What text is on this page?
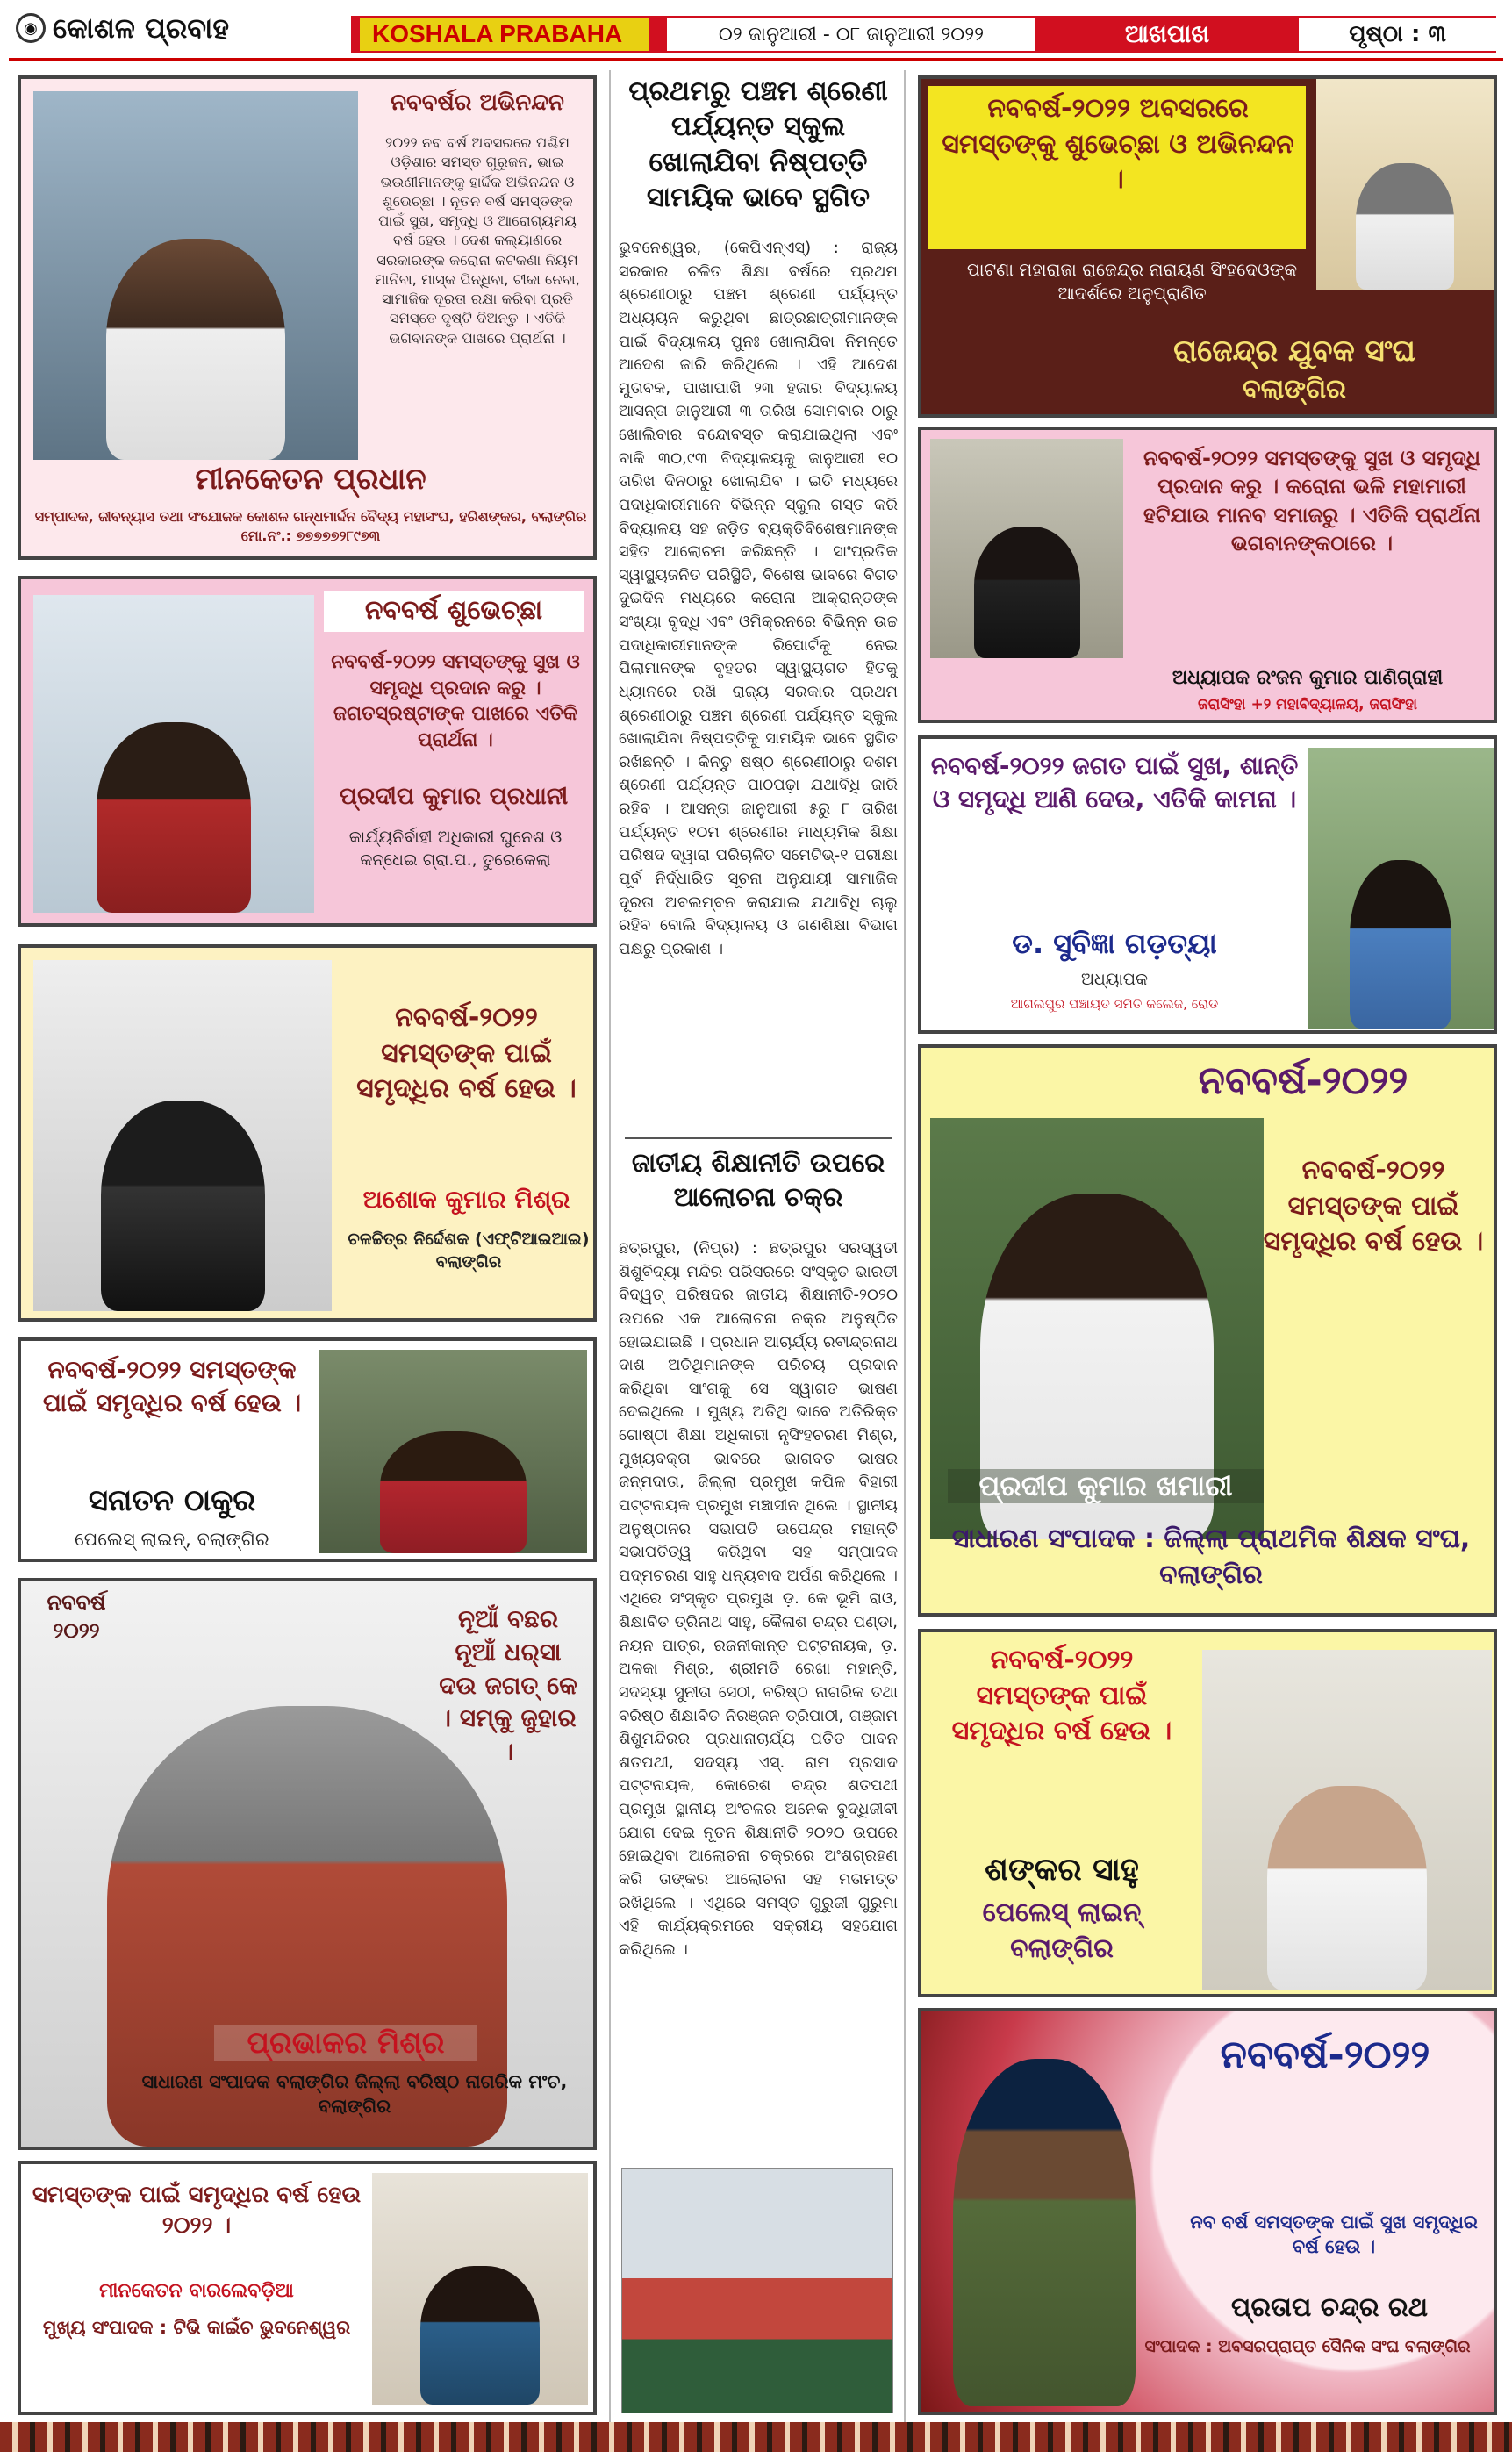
◉ କୋଶଳ ପ୍ରବାହ	KOSHALA PRABAHA	୦୨ ଜାନୁଆରୀ - ୦୮ ଜାନୁଆରୀ ୨୦୨୨	ଆଖପାଖ	ପୃଷ୍ଠା : ୩
ନବବର୍ଷର ଅଭିନନ୍ଦନ
୨୦୨୨ ନବ ବର୍ଷ ଅବସରରେ ପଶ୍ଚିମ ଓଡ଼ିଶାର ସମସ୍ତ ଗୁରୁଜନ, ଭାଇ ଭଉଣୀମାନଙ୍କୁ ହାର୍ଦ୍ଦିକ ଅଭିନନ୍ଦନ ଓ ଶୁଭେଚ୍ଛା । ନୂତନ ବର୍ଷ ସମସ୍ତଙ୍କ ପାଇଁ ସୁଖ, ସମୃଦ୍ଧି ଓ ଆରୋଗ୍ୟମୟ ବର୍ଷ ହେଉ । ଦେଶ କଲ୍ୟାଣରେ ସରକାରଙ୍କ କରୋନା କଟକଣା ନିୟମ ମାନିବା, ମାସ୍କ ପିନ୍ଧିବା, ଟୀକା ନେବା, ସାମାଜିକ ଦୂରତା ରକ୍ଷା କରିବା ପ୍ରତି ସମସ୍ତେ ଦୃଷ୍ଟି ଦିଅନ୍ତୁ । ଏତିକି ଭଗବାନଙ୍କ ପାଖରେ ପ୍ରାର୍ଥନା ।
ମୀନକେତନ ପ୍ରଧାନ
ସମ୍ପାଦକ, ଜୀବନ୍ୟାସ ତଥା ସଂଯୋଜକ କୋଶଳ ଗନ୍ଧମାର୍ଦ୍ଦନ ବୈଦ୍ୟ ମହାସଂଘ, ହରିଶଙ୍କର, ବଲାଙ୍ଗିର ମୋ.ନଂ.: ୭୭୭୭୭୨୮୯୭୩
ନବବର୍ଷ ଶୁଭେଚ୍ଛା
ନବବର୍ଷ-୨୦୨୨ ସମସ୍ତଙ୍କୁ ସୁଖ ଓ ସମୃଦ୍ଧି ପ୍ରଦାନ କରୁ । ଜଗତସ୍ରଷ୍ଟାଙ୍କ ପାଖରେ ଏତିକି ପ୍ରାର୍ଥନା ।
ପ୍ରଦୀପ କୁମାର ପ୍ରଧାନୀ
କାର୍ଯ୍ୟନିର୍ବାହୀ ଅଧିକାରୀ ଘୁନେଶ ଓ କନ୍ଧେଇ ଗ୍ରା.ପ., ତୁରେକେଲା
ନବବର୍ଷ-୨୦୨୨ ସମସ୍ତଙ୍କ ପାଇଁ ସମୃଦ୍ଧିର ବର୍ଷ ହେଉ ।
ଅଶୋକ କୁମାର ମିଶ୍ର
ଚଳଚ୍ଚିତ୍ର ନିର୍ଦ୍ଦେଶକ (ଏଫ୍‌ଟିଆଇଆଇ) ବଲାଙ୍ଗିର
ନବବର୍ଷ-୨୦୨୨ ସମସ୍ତଙ୍କ ପାଇଁ ସମୃଦ୍ଧିର ବର୍ଷ ହେଉ ।
ସନାତନ ଠାକୁର
ପେଲେସ୍ ଲାଇନ୍, ବଲାଙ୍ଗିର
ନବବର୍ଷ ୨୦୨୨	ନୂଆଁ ବଛର ନୂଆଁ ଧର୍‌ସା ଦଉ ଜଗତ୍ କେ । ସମ୍‌କୁ ଜୁହାର ।
ପ୍ରଭାକର ମିଶ୍ର
ସାଧାରଣ ସଂପାଦକ ବଲାଙ୍ଗିର ଜିଲ୍ଲା ବରିଷ୍ଠ ନାଗରିକ ମଂଚ, ବଲାଙ୍ଗିର
ସମସ୍ତଙ୍କ ପାଇଁ ସମୃଦ୍ଧିର ବର୍ଷ ହେଉ ୨୦୨୨ ।
ମୀନକେତନ ବାରଲେବଡ଼ିଆ
ମୁଖ୍ୟ ସଂପାଦକ : ଟିଭି କାଇଁଚ ଭୁବନେଶ୍ୱର
ପ୍ରଥମରୁ ପଞ୍ଚମ ଶ୍ରେଣୀ ପର୍ଯ୍ୟନ୍ତ ସ୍କୁଲ ଖୋଲାଯିବା ନିଷ୍ପତ୍ତି ସାମୟିକ ଭାବେ ସ୍ଥଗିତ
ଭୁବନେଶ୍ୱର, (କେପିଏନ୍‌ଏସ୍) : ରାଜ୍ୟ ସରକାର ଚଳିତ ଶିକ୍ଷା ବର୍ଷରେ ପ୍ରଥମ ଶ୍ରେଣୀଠାରୁ ପଞ୍ଚମ ଶ୍ରେଣୀ ପର୍ଯ୍ୟନ୍ତ ଅଧ୍ୟୟନ କରୁଥିବା ଛାତ୍ରଛାତ୍ରୀମାନଙ୍କ ପାଇଁ ବିଦ୍ୟାଳୟ ପୁନଃ ଖୋଲାଯିବା ନିମନ୍ତେ ଆଦେଶ ଜାରି କରିଥିଲେ । ଏହି ଆଦେଶ ମୁତାବକ, ପାଖାପାଖି ୨୩ ହଜାର ବିଦ୍ୟାଳୟ ଆସନ୍ତା ଜାନୁଆରୀ ୩ ତାରିଖ ସୋମବାର ଠାରୁ ଖୋଲିବାର ବନ୍ଦୋବସ୍ତ କରାଯାଇଥିଲା ଏବଂ ବାକି ୩୦,୯୩ ବିଦ୍ୟାଳୟକୁ ଜାନୁଆରୀ ୧୦ ତାରିଖ ଦିନଠାରୁ ଖୋଲାଯିବ । ଇତି ମଧ୍ୟରେ ପଦାଧିକାରୀମାନେ ବିଭିନ୍ନ ସ୍କୁଲ ଗସ୍ତ କରି ବିଦ୍ୟାଳୟ ସହ ଜଡ଼ିତ ବ୍ୟକ୍ତିବିଶେଷମାନଙ୍କ ସହିତ ଆଲୋଚନା କରିଛନ୍ତି । ସାଂପ୍ରତିକ ସ୍ୱାସ୍ଥ୍ୟଜନିତ ପରିସ୍ଥିତି, ବିଶେଷ ଭାବରେ ବିଗତ ଦୁଇଦିନ ମଧ୍ୟରେ କରୋନା ଆକ୍ରାନ୍ତଙ୍କ ସଂଖ୍ୟା ବୃଦ୍ଧି ଏବଂ ଓମିକ୍ରନରେ ବିଭିନ୍ନ ଉଚ୍ଚ ପଦାଧିକାରୀମାନଙ୍କ ରିପୋର୍ଟକୁ ନେଇ ପିଲାମାନଙ୍କ ବୃହତର ସ୍ୱାସ୍ଥ୍ୟଗତ ହିତକୁ ଧ୍ୟାନରେ ରଖି ରାଜ୍ୟ ସରକାର ପ୍ରଥମ ଶ୍ରେଣୀଠାରୁ ପଞ୍ଚମ ଶ୍ରେଣୀ ପର୍ଯ୍ୟନ୍ତ ସ୍କୁଲ ଖୋଲାଯିବା ନିଷ୍ପତ୍ତିକୁ ସାମୟିକ ଭାବେ ସ୍ଥଗିତ ରଖିଛନ୍ତି । କିନ୍ତୁ ଷଷ୍ଠ ଶ୍ରେଣୀଠାରୁ ଦଶମ ଶ୍ରେଣୀ ପର୍ଯ୍ୟନ୍ତ ପାଠପଢ଼ା ଯଥାବିଧି ଜାରି ରହିବ । ଆସନ୍ତା ଜାନୁଆରୀ ୫ରୁ ୮ ତାରିଖ ପର୍ଯ୍ୟନ୍ତ ୧୦ମ ଶ୍ରେଣୀର ମାଧ୍ୟମିକ ଶିକ୍ଷା ପରିଷଦ ଦ୍ୱାରା ପରିଚାଳିତ ସମେଟିଭ୍-୧ ପରୀକ୍ଷା ପୂର୍ବ ନିର୍ଦ୍ଧାରିତ ସୂଚନା ଅନୁଯାୟୀ ସାମାଜିକ ଦୂରତା ଅବଲମ୍ବନ କରାଯାଇ ଯଥାବିଧି ଚାଲୁ ରହିବ ବୋଲି ବିଦ୍ୟାଳୟ ଓ ଗଣଶିକ୍ଷା ବିଭାଗ ପକ୍ଷରୁ ପ୍ରକାଶ ।
ଜାତୀୟ ଶିକ୍ଷାନୀତି ଉପରେ ଆଲୋଚନା ଚକ୍ର
ଛତ୍ରପୁର, (ନିପ୍ର) : ଛତ୍ରପୁର ସରସ୍ୱତୀ ଶିଶୁବିଦ୍ୟା ମନ୍ଦିର ପରିସରରେ ସଂସ୍କୃତ ଭାରତୀ ବିଦ୍ୱତ୍ ପରିଷଦର ଜାତୀୟ ଶିକ୍ଷାନୀତି-୨୦୨୦ ଉପରେ ଏକ ଆଲୋଚନା ଚକ୍ର ଅନୁଷ୍ଠିତ ହୋଇଯାଇଛି । ପ୍ରଧାନ ଆଚାର୍ଯ୍ୟ ରବୀନ୍ଦ୍ରନାଥ ଦାଶ ଅତିଥିମାନଙ୍କ ପରିଚୟ ପ୍ରଦାନ କରିଥିବା ସାଂଗକୁ ସେ ସ୍ୱାଗତ ଭାଷଣ ଦେଇଥିଲେ । ମୁଖ୍ୟ ଅତିଥି ଭାବେ ଅତିରିକ୍ତ ଗୋଷ୍ଠୀ ଶିକ୍ଷା ଅଧିକାରୀ ନୃସିଂହଚରଣ ମିଶ୍ର, ମୁଖ୍ୟବକ୍ତା ଭାବରେ ଭାଗବତ ଭାଷର ଜନ୍ମଦାତା, ଜିଲ୍ଲା ପ୍ରମୁଖ କପିଳ ବିହାରୀ ପଟ୍ଟନାୟକ ପ୍ରମୁଖ ମଞ୍ଚାସୀନ ଥିଲେ । ସ୍ଥାନୀୟ ଅନୁଷ୍ଠାନର ସଭାପତି ଉପେନ୍ଦ୍ର ମହାନ୍ତି ସଭାପତିତ୍ୱ କରିଥିବା ସହ ସମ୍ପାଦକ ପଦ୍ମଚରଣ ସାହୁ ଧନ୍ୟବାଦ ଅର୍ପଣ କରିଥିଲେ । ଏଥିରେ ସଂସ୍କୃତ ପ୍ରମୁଖ ଡ଼. କେ ଭୂମି ରାଓ, ଶିକ୍ଷାବିତ ତ୍ରିନାଥ ସାହୁ, କୈଳାଶ ଚନ୍ଦ୍ର ପଣ୍ଡା, ନୟନ ପାତ୍ର, ରଜନୀକାନ୍ତ ପଟ୍ଟନାୟକ, ଡ଼. ଅଳକା ମିଶ୍ର, ଶ୍ରୀମତି ରେଖା ମହାନ୍ତି, ସଦସ୍ୟା ସୁନୀତା ସେଠୀ, ବରିଷ୍ଠ ନାଗରିକ ତଥା ବରିଷ୍ଠ ଶିକ୍ଷାବିତ ନିରଞ୍ଜନ ତ୍ରିପାଠୀ, ଗଞ୍ଜାମ ଶିଶୁମନ୍ଦିରର ପ୍ରଧାନାଚାର୍ଯ୍ୟ ପତିତ ପାବନ ଶତପଥୀ, ସଦସ୍ୟ ଏସ୍. ରାମ ପ୍ରସାଦ ପଟ୍ଟନାୟକ, କୋରେଶ ଚନ୍ଦ୍ର ଶତପଥୀ ପ୍ରମୁଖ ସ୍ଥାନୀୟ ଅଂଚଳର ଅନେକ ବୁଦ୍ଧିଜୀବୀ ଯୋଗ ଦେଇ ନୂତନ ଶିକ୍ଷାନୀତି ୨୦୨୦ ଉପରେ ହୋଇଥିବା ଆଲୋଚନା ଚକ୍ରରେ ଅଂଶଗ୍ରହଣ କରି ତାଙ୍କର ଆଲୋଚନା ସହ ମତାମତ୍ତ ରଖିଥିଲେ । ଏଥିରେ ସମସ୍ତ ଗୁରୁଜୀ ଗୁରୁମା ଏହି କାର୍ଯ୍ୟକ୍ରମରେ ସକ୍ରୀୟ ସହଯୋଗ କରିଥିଲେ ।
ନବବର୍ଷ-୨୦୨୨ ଅବସରରେ ସମସ୍ତଙ୍କୁ ଶୁଭେଚ୍ଛା ଓ ଅଭିନନ୍ଦନ ।
ପାଟଣା ମହାରାଜା ରାଜେନ୍ଦ୍ର ନାରାୟଣ ସିଂହଦେଓଙ୍କ ଆଦର୍ଶରେ ଅନୁପ୍ରାଣିତ
ରାଜେନ୍ଦ୍ର ଯୁବକ ସଂଘ
ବଲାଙ୍ଗିର
ନବବର୍ଷ-୨୦୨୨ ସମସ୍ତଙ୍କୁ ସୁଖ ଓ ସମୃଦ୍ଧି ପ୍ରଦାନ କରୁ । କରୋନା ଭଳି ମହାମାରୀ ହଟିଯାଉ ମାନବ ସମାଜରୁ । ଏତିକି ପ୍ରାର୍ଥନା ଭଗବାନଙ୍କଠାରେ ।
ଅଧ୍ୟାପକ ରଂଜନ କୁମାର ପାଣିଗ୍ରାହୀ
ଜରାସିଂହା +୨ ମହାବିଦ୍ୟାଳୟ, ଜରାସିଂହା
ନବବର୍ଷ-୨୦୨୨ ଜଗତ ପାଇଁ ସୁଖ, ଶାନ୍ତି ଓ ସମୃଦ୍ଧି ଆଣି ଦେଉ, ଏତିକି କାମନା ।
ଡ. ସୁବିଜ୍ଞା ଗଡ଼ତ୍ୟା
ଅଧ୍ୟାପକ
ଆଗଲପୁର ପଞ୍ଚାୟତ ସମିତି କଲେଜ, ରୋଡ
ନବବର୍ଷ-୨୦୨୨
ନବବର୍ଷ-୨୦୨୨ ସମସ୍ତଙ୍କ ପାଇଁ ସମୃଦ୍ଧିର ବର୍ଷ ହେଉ ।
ପ୍ରଦୀପ କୁମାର ଖମାରୀ
ସାଧାରଣ ସଂପାଦକ : ଜିଲ୍ଲା ପ୍ରାଥମିକ ଶିକ୍ଷକ ସଂଘ, ବଲାଙ୍ଗିର
ନବବର୍ଷ-୨୦୨୨ ସମସ୍ତଙ୍କ ପାଇଁ ସମୃଦ୍ଧିର ବର୍ଷ ହେଉ ।
ଶଙ୍କର ସାହୁ
ପେଲେସ୍ ଲାଇନ୍ ବଲାଙ୍ଗିର
ନବବର୍ଷ-୨୦୨୨
ନବ ବର୍ଷ ସମସ୍ତଙ୍କ ପାଇଁ ସୁଖ ସମୃଦ୍ଧିର ବର୍ଷ ହେଉ ।
ପ୍ରତାପ ଚନ୍ଦ୍ର ରଥ
ସଂପାଦକ : ଅବସରପ୍ରାପ୍ତ ସୈନିକ ସଂଘ ବଲାଙ୍ଗିର
